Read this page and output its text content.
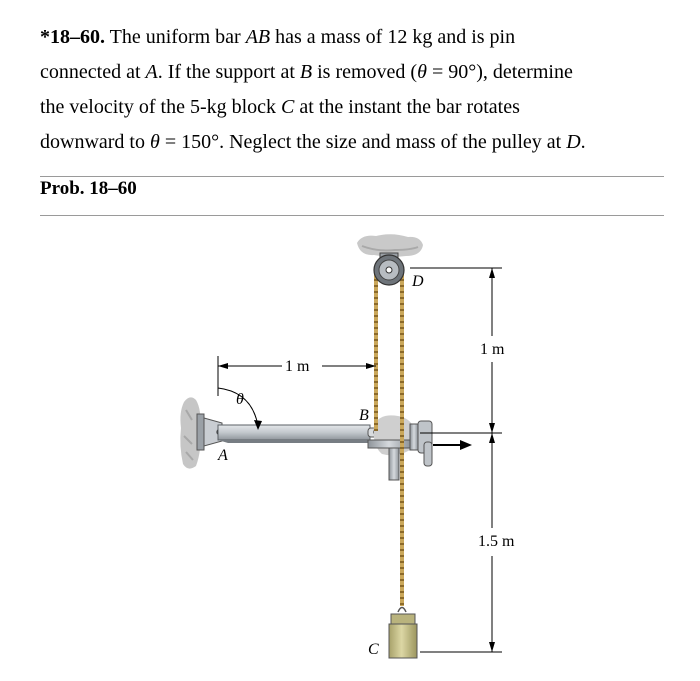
*18–60. The uniform bar AB has a mass of 12 kg and is pin
connected at A. If the support at B is removed (θ = 90°), determine
the velocity of the 5-kg block C at the instant the bar rotates
downward to θ = 150°. Neglect the size and mass of the pulley at D.
Prob. 18–60
A
B
C
D
θ
1 m
1 m
1.5 m
